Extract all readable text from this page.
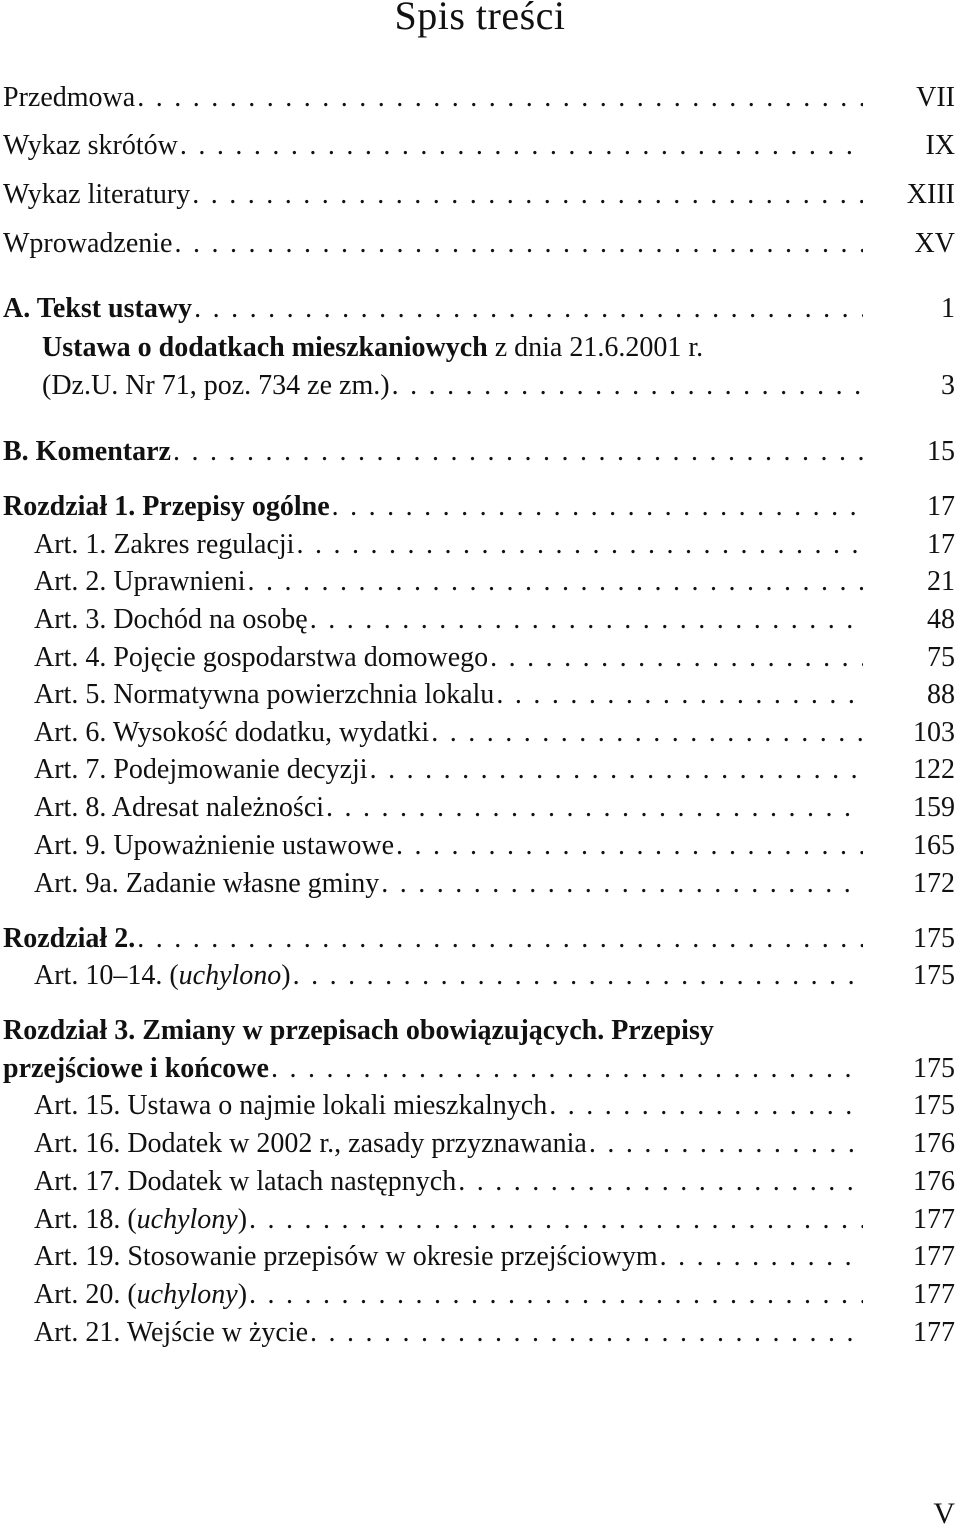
Spis treści
Przedmowa . . .	VII
Wykaz skrótów . . .	IX
Wykaz literatury . . .	XIII
Wprowadzenie . . .	XV
A. Tekst ustawy . . .	1
Ustawa o dodatkach mieszkaniowych z dnia 21.6.2001 r.
(Dz.U. Nr 71, poz. 734 ze zm.) . . .	3
B. Komentarz . . .	15
Rozdział 1. Przepisy ogólne . . .	17
Art. 1. Zakres regulacji . . .	17
Art. 2. Uprawnieni . . .	21
Art. 3. Dochód na osobę . . .	48
Art. 4. Pojęcie gospodarstwa domowego . . .	75
Art. 5. Normatywna powierzchnia lokalu . . .	88
Art. 6. Wysokość dodatku, wydatki . . .	103
Art. 7. Podejmowanie decyzji . . .	122
Art. 8. Adresat należności . . .	159
Art. 9. Upoważnienie ustawowe . . .	165
Art. 9a. Zadanie własne gminy . . .	172
Rozdział 2. . . .	175
Art. 10–14. (uchylono) . . .	175
Rozdział 3. Zmiany w przepisach obowiązujących. Przepisy
przejściowe i końcowe . . .	175
Art. 15. Ustawa o najmie lokali mieszkalnych . . .	175
Art. 16. Dodatek w 2002 r., zasady przyznawania . . .	176
Art. 17. Dodatek w latach następnych . . .	176
Art. 18. (uchylony) . . .	177
Art. 19. Stosowanie przepisów w okresie przejściowym . . .	177
Art. 20. (uchylony) . . .	177
Art. 21. Wejście w życie . . .	177
V
